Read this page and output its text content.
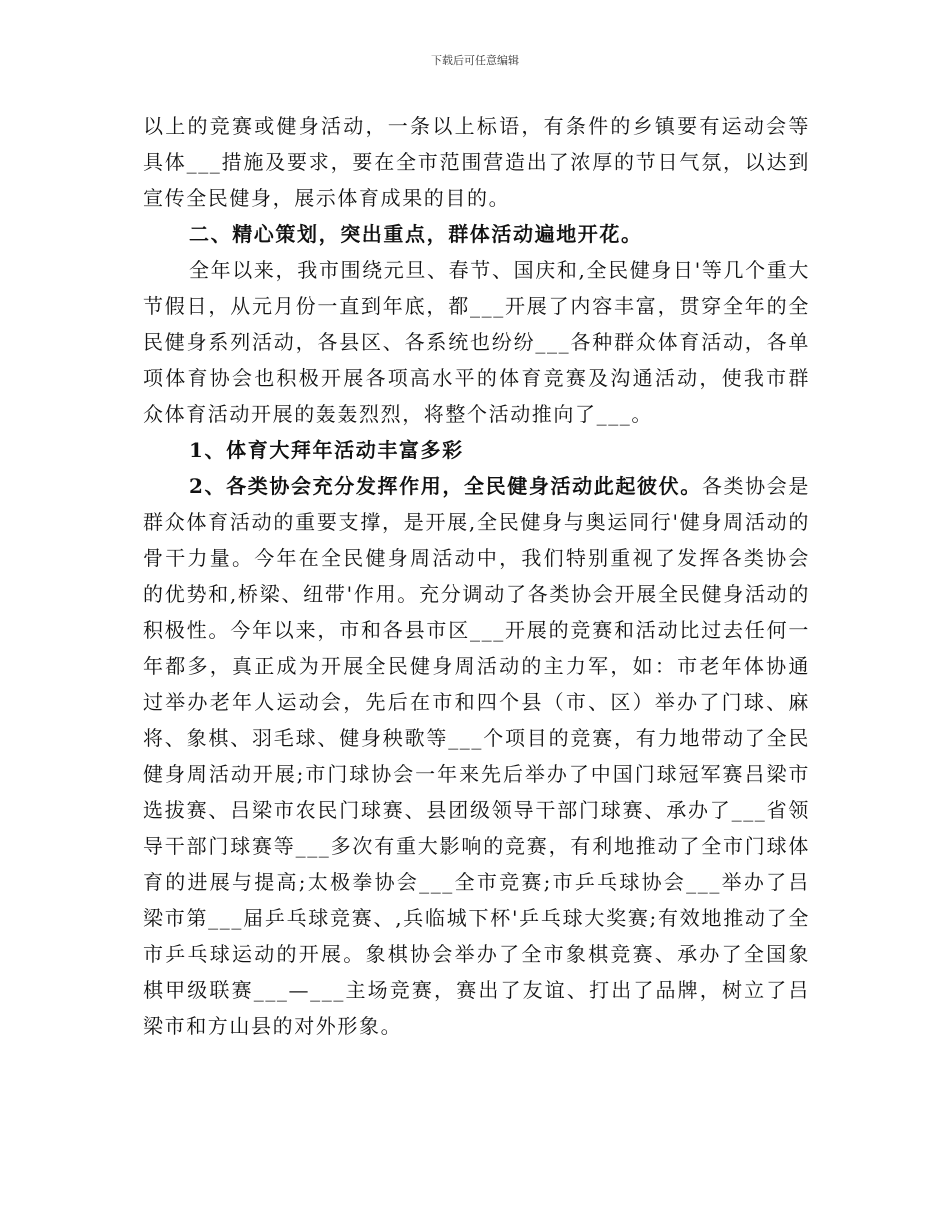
下载后可任意编辑

以上的竞赛或健身活动，一条以上标语，有条件的乡镇要有运动会等具体___措施及要求，要在全市范围营造出了浓厚的节日气氛，以达到宣传全民健身，展示体育成果的目的。

二、精心策划，突出重点，群体活动遍地开花。

全年以来，我市围绕元旦、春节、国庆和,全民健身日'等几个重大节假日，从元月份一直到年底，都___开展了内容丰富，贯穿全年的全民健身系列活动，各县区、各系统也纷纷___各种群众体育活动，各单项体育协会也积极开展各项高水平的体育竞赛及沟通活动，使我市群众体育活动开展的轰轰烈烈，将整个活动推向了___。

1、体育大拜年活动丰富多彩

2、各类协会充分发挥作用，全民健身活动此起彼伏。各类协会是群众体育活动的重要支撑，是开展,全民健身与奥运同行'健身周活动的骨干力量。今年在全民健身周活动中，我们特别重视了发挥各类协会的优势和,桥梁、纽带'作用。充分调动了各类协会开展全民健身活动的积极性。今年以来，市和各县市区___开展的竞赛和活动比过去任何一年都多，真正成为开展全民健身周活动的主力军，如：市老年体协通过举办老年人运动会，先后在市和四个县（市、区）举办了门球、麻将、象棋、羽毛球、健身秧歌等___个项目的竞赛，有力地带动了全民健身周活动开展;市门球协会一年来先后举办了中国门球冠军赛吕梁市选拔赛、吕梁市农民门球赛、县团级领导干部门球赛、承办了___省领导干部门球赛等___多次有重大影响的竞赛，有利地推动了全市门球体育的进展与提高;太极拳协会___全市竞赛;市乒乓球协会___举办了吕梁市第___届乒乓球竞赛、,兵临城下杯'乒乓球大奖赛;有效地推动了全市乒乓球运动的开展。象棋协会举办了全市象棋竞赛、承办了全国象棋甲级联赛___—___主场竞赛，赛出了友谊、打出了品牌，树立了吕梁市和方山县的对外形象。
